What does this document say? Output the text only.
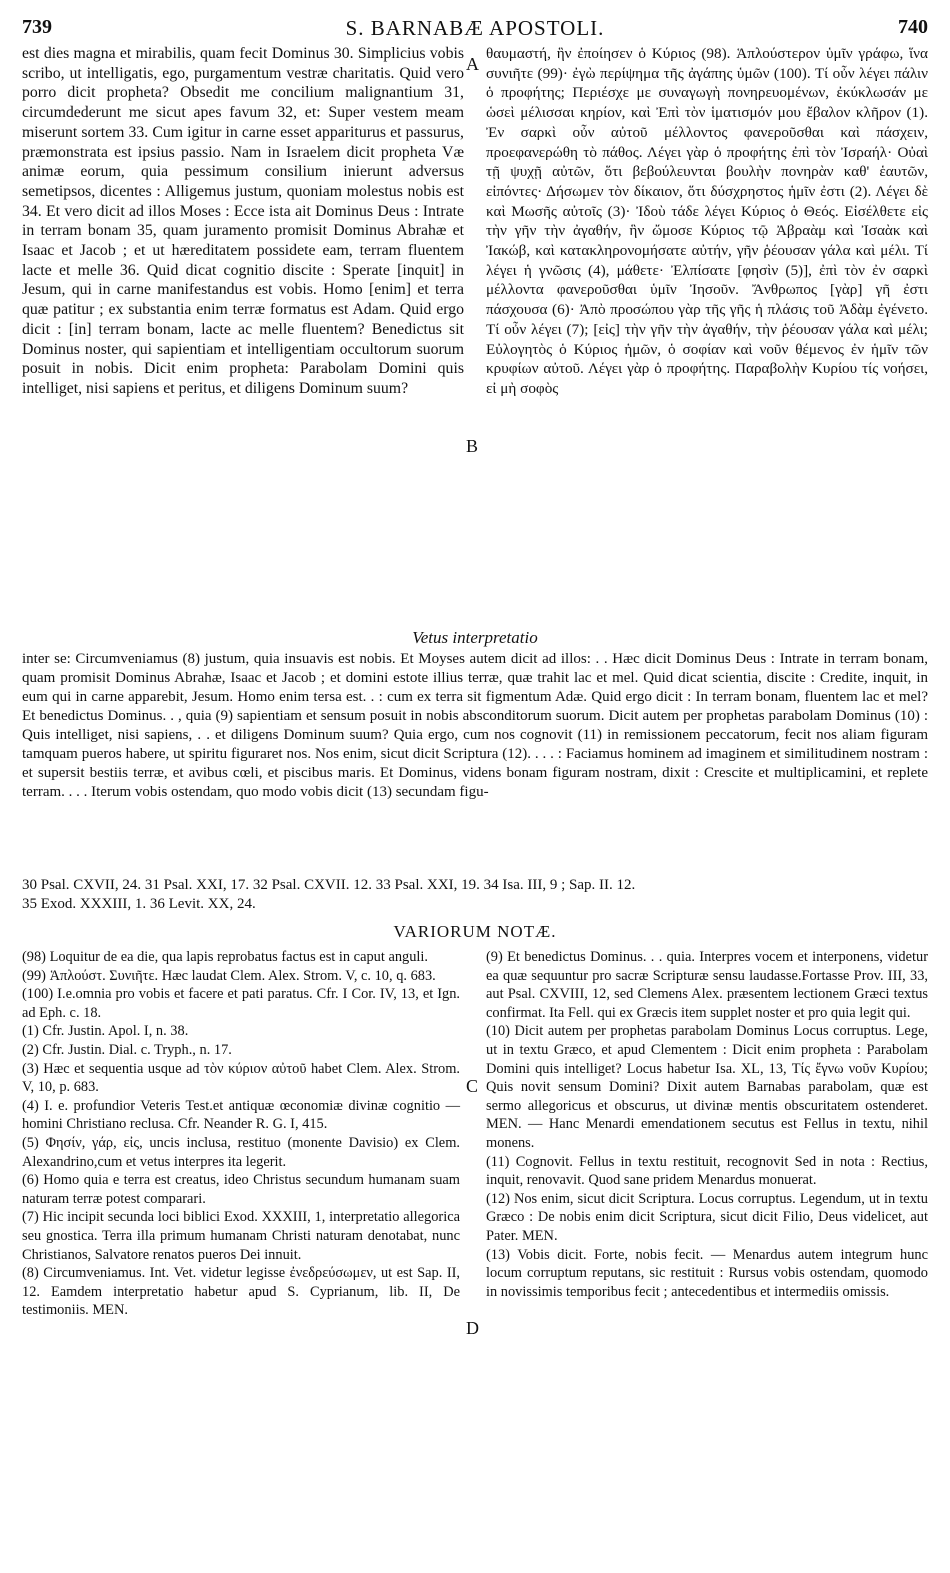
739	S. BARNABÆ APOSTOLI.	740
A
B
C
D

est dies magna et mirabilis, quam fecit Dominus 30. Simplicius vobis scribo, ut intelligatis, ego, purgamentum vestræ charitatis. Quid vero porro dicit propheta? Obsedit me concilium malignantium 31, circumdederunt me sicut apes favum 32, et: Super vestem meam miserunt sortem 33. Cum igitur in carne esset appariturus et passurus, præmonstrata est ipsius passio. Nam in Israelem dicit propheta Væ animæ eorum, quia pessimum consilium inierunt adversus semetipsos, dicentes : Alligemus justum, quoniam molestus nobis est 34. Et vero dicit ad illos Moses : Ecce ista ait Dominus Deus : Intrate in terram bonam 35, quam juramento promisit Dominus Abrahæ et Isaac et Jacob ; et ut hæreditatem possidete eam, terram fluentem lacte et melle 36. Quid dicat cognitio discite : Sperate [inquit] in Jesum, qui in carne manifestandus est vobis. Homo [enim] et terra quæ patitur ; ex substantia enim terræ formatus est Adam. Quid ergo dicit : [in] terram bonam, lacte ac melle fluentem? Benedictus sit Dominus noster, qui sapientiam et intelligentiam occultorum suorum posuit in nobis. Dicit enim propheta: Parabolam Domini quis intelliget, nisi sapiens et peritus, et diligens Dominum suum?

θαυμαστή, ἣν ἐποίησεν ὁ Κύριος (98). Ἁπλούστερον ὑμῖν γράφω, ἵνα συνιῆτε (99)· ἐγὼ περίψημα τῆς ἀγάπης ὑμῶν (100). Τί οὖν λέγει πάλιν ὁ προφήτης; Περιέσχε με συναγωγὴ πονηρευομένων, ἐκύκλωσάν με ὡσεὶ μέλισσαι κηρίον, καὶ Ἐπὶ τὸν ἱματισμόν μου ἔβαλον κλῆρον (1). Ἐν σαρκὶ οὖν αὐτοῦ μέλλοντος φανεροῦσθαι καὶ πάσχειν, προεφανερώθη τὸ πάθος. Λέγει γὰρ ὁ προφήτης ἐπὶ τὸν Ἰσραήλ· Οὐαὶ τῇ ψυχῇ αὐτῶν, ὅτι βεβούλευνται βουλὴν πονηρὰν καθ' ἑαυτῶν, εἰπόντες· Δήσωμεν τὸν δίκαιον, ὅτι δύσχρηστος ἡμῖν ἐστι (2). Λέγει δὲ καὶ Μωσῆς αὐτοῖς (3)· Ἰδοὺ τάδε λέγει Κύριος ὁ Θεός. Εἰσέλθετε εἰς τὴν γῆν τὴν ἀγαθήν, ἣν ὤμοσε Κύριος τῷ Ἀβραὰμ καὶ Ἰσαὰκ καὶ Ἰακώβ, καὶ κατακληρονομήσατε αὐτήν, γῆν ῥέουσαν γάλα καὶ μέλι. Τί λέγει ἡ γνῶσις (4), μάθετε· Ἐλπίσατε [φησὶν (5)], ἐπὶ τὸν ἐν σαρκὶ μέλλοντα φανεροῦσθαι ὑμῖν Ἰησοῦν. Ἄνθρωπος [γὰρ] γῆ ἐστι πάσχουσα (6)· Ἀπὸ προσώπου γὰρ τῆς γῆς ἡ πλάσις τοῦ Ἀδὰμ ἐγένετο. Τί οὖν λέγει (7); [εἰς] τὴν γῆν τὴν ἀγαθήν, τὴν ῥέουσαν γάλα καὶ μέλι; Εὐλογητὸς ὁ Κύριος ἡμῶν, ὁ σοφίαν καὶ νοῦν θέμενος ἐν ἡμῖν τῶν κρυφίων αὐτοῦ. Λέγει γὰρ ὁ προφήτης. Παραβολὴν Κυρίου τίς νοήσει, εἰ μὴ σοφὸς

Vetus interpretatio

inter se: Circumveniamus (8) justum, quia insuavis est nobis. Et Moyses autem dicit ad illos: . . Hæc dicit Dominus Deus : Intrate in terram bonam, quam promisit Dominus Abrahæ, Isaac et Jacob ; et domini estote illius terræ, quæ trahit lac et mel. Quid dicat scientia, discite : Credite, inquit, in eum qui in carne apparebit, Jesum. Homo enim tersa est. . : cum ex terra sit figmentum Adæ. Quid ergo dicit : In terram bonam, fluentem lac et mel? Et benedictus Dominus. . , quia (9) sapientiam et sensum posuit in nobis absconditorum suorum. Dicit autem per prophetas parabolam Dominus (10) : Quis intelliget, nisi sapiens, . . et diligens Dominum suum? Quia ergo, cum nos cognovit (11) in remissionem peccatorum, fecit nos aliam figuram tamquam pueros habere, ut spiritu figuraret nos. Nos enim, sicut dicit Scriptura (12). . . . : Faciamus hominem ad imaginem et similitudinem nostram : et supersit bestiis terræ, et avibus cœli, et piscibus maris. Et Dominus, videns bonam figuram nostram, dixit : Crescite et multiplicamini, et replete terram. . . . Iterum vobis ostendam, quo modo vobis dicit (13) secundam figu-

30 Psal. CXVII, 24. 31 Psal. XXI, 17. 32 Psal. CXVII. 12. 33 Psal. XXI, 19. 34 Isa. III, 9 ; Sap. II. 12.
35 Exod. XXXIII, 1. 36 Levit. XX, 24.
VARIORUM NOTÆ.

(98) Loquitur de ea die, qua lapis reprobatus factus est in caput anguli.

(99) Ἁπλούστ. Συνιῆτε. Hæc laudat Clem. Alex. Strom. V, c. 10, q. 683.

(100) I.e.omnia pro vobis et facere et pati paratus. Cfr. I Cor. IV, 13, et Ign. ad Eph. c. 18.

(1) Cfr. Justin. Apol. I, n. 38.

(2) Cfr. Justin. Dial. c. Tryph., n. 17.

(3) Hæc et sequentia usque ad τὸν κύριον αὐτοῦ habet Clem. Alex. Strom. V, 10, p. 683.

(4) I. e. profundior Veteris Test.et antiquæ œconomiæ divinæ cognitio — homini Christiano reclusa. Cfr. Neander R. G. I, 415.

(5) Φησίν, γάρ, εἰς, uncis inclusa, restituo (monente Davisio) ex Clem. Alexandrino,cum et vetus interpres ita legerit.

(6) Homo quia e terra est creatus, ideo Christus secundum humanam suam naturam terræ potest comparari.

(7) Hic incipit secunda loci biblici Exod. XXXIII, 1, interpretatio allegorica seu gnostica. Terra illa primum humanam Christi naturam denotabat, nunc Christianos, Salvatore renatos pueros Dei innuit.

(8) Circumveniamus. Int. Vet. videtur legisse ἐνεδρεύσωμεν, ut est Sap. II, 12. Eamdem interpretatio habetur apud S. Cyprianum, lib. II, De testimoniis. MEN.

(9) Et benedictus Dominus. . . quia. Interpres vocem et interponens, videtur ea quæ sequuntur pro sacræ Scripturæ sensu laudasse.Fortasse Prov. III, 33, aut Psal. CXVIII, 12, sed Clemens Alex. præsentem lectionem Græci textus confirmat. Ita Fell. qui ex Græcis item supplet noster et pro quia legit qui.

(10) Dicit autem per prophetas parabolam Dominus Locus corruptus. Lege, ut in textu Græco, et apud Clementem : Dicit enim propheta : Parabolam Domini quis intelliget? Locus habetur Isa. XL, 13, Τίς ἔγνω νοῦν Κυρίου; Quis novit sensum Domini? Dixit autem Barnabas parabolam, quæ est sermo allegoricus et obscurus, ut divinæ mentis obscuritatem ostenderet. MEN. — Hanc Menardi emendationem secutus est Fellus in textu, nihil monens.

(11) Cognovit. Fellus in textu restituit, recognovit Sed in nota : Rectius, inquit, renovavit. Quod sane pridem Menardus monuerat.

(12) Nos enim, sicut dicit Scriptura. Locus corruptus. Legendum, ut in textu Græco : De nobis enim dicit Scriptura, sicut dicit Filio, Deus videlicet, aut Pater. MEN.

(13) Vobis dicit. Forte, nobis fecit. — Menardus autem integrum hunc locum corruptum reputans, sic restituit : Rursus vobis ostendam, quomodo in novissimis temporibus fecit ; antecedentibus et intermediis omissis.
